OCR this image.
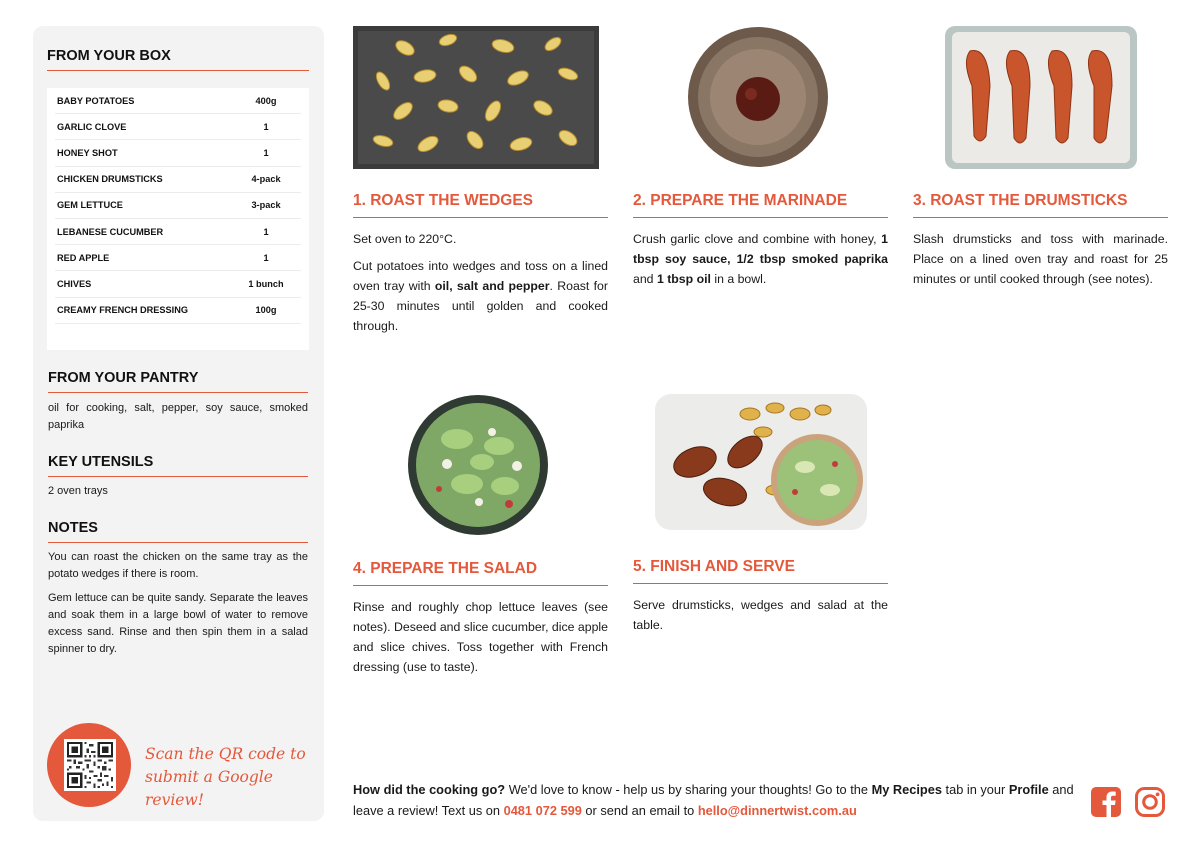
FROM YOUR BOX
BABY POTATOES	400g
GARLIC CLOVE	1
HONEY SHOT	1
CHICKEN DRUMSTICKS	4-pack
GEM LETTUCE	3-pack
LEBANESE CUCUMBER	1
RED APPLE	1
CHIVES	1 bunch
CREAMY FRENCH DRESSING	100g
FROM YOUR PANTRY
oil for cooking, salt, pepper, soy sauce, smoked paprika
KEY UTENSILS
2 oven trays
NOTES

You can roast the chicken on the same tray as the potato wedges if there is room.

Gem lettuce can be quite sandy. Separate the leaves and soak them in a large bowl of water to remove excess sand. Rinse and then spin them in a salad spinner to dry.

Scan the QR code to
submit a Google review!
1. ROAST THE WEDGES

Set oven to 220°C.

Cut potatoes into wedges and toss on a lined oven tray with oil, salt and pepper. Roast for 25-30 minutes until golden and cooked through.

2. PREPARE THE MARINADE

Crush garlic clove and combine with honey, 1 tbsp soy sauce, 1/2 tbsp smoked paprika and 1 tbsp oil in a bowl.

3. ROAST THE DRUMSTICKS
Slash drumsticks and toss with marinade. Place on a lined oven tray and roast for 25 minutes or until cooked through (see notes).
4. PREPARE THE SALAD
Rinse and roughly chop lettuce leaves (see notes). Deseed and slice cucumber, dice apple and slice chives. Toss together with French dressing (use to taste).
5. FINISH AND SERVE
Serve drumsticks, wedges and salad at the table.
How did the cooking go? We'd love to know - help us by sharing your thoughts! Go to the My Recipes tab in your Profile and leave a review! Text us on 0481 072 599 or send an email to hello@dinnertwist.com.au
